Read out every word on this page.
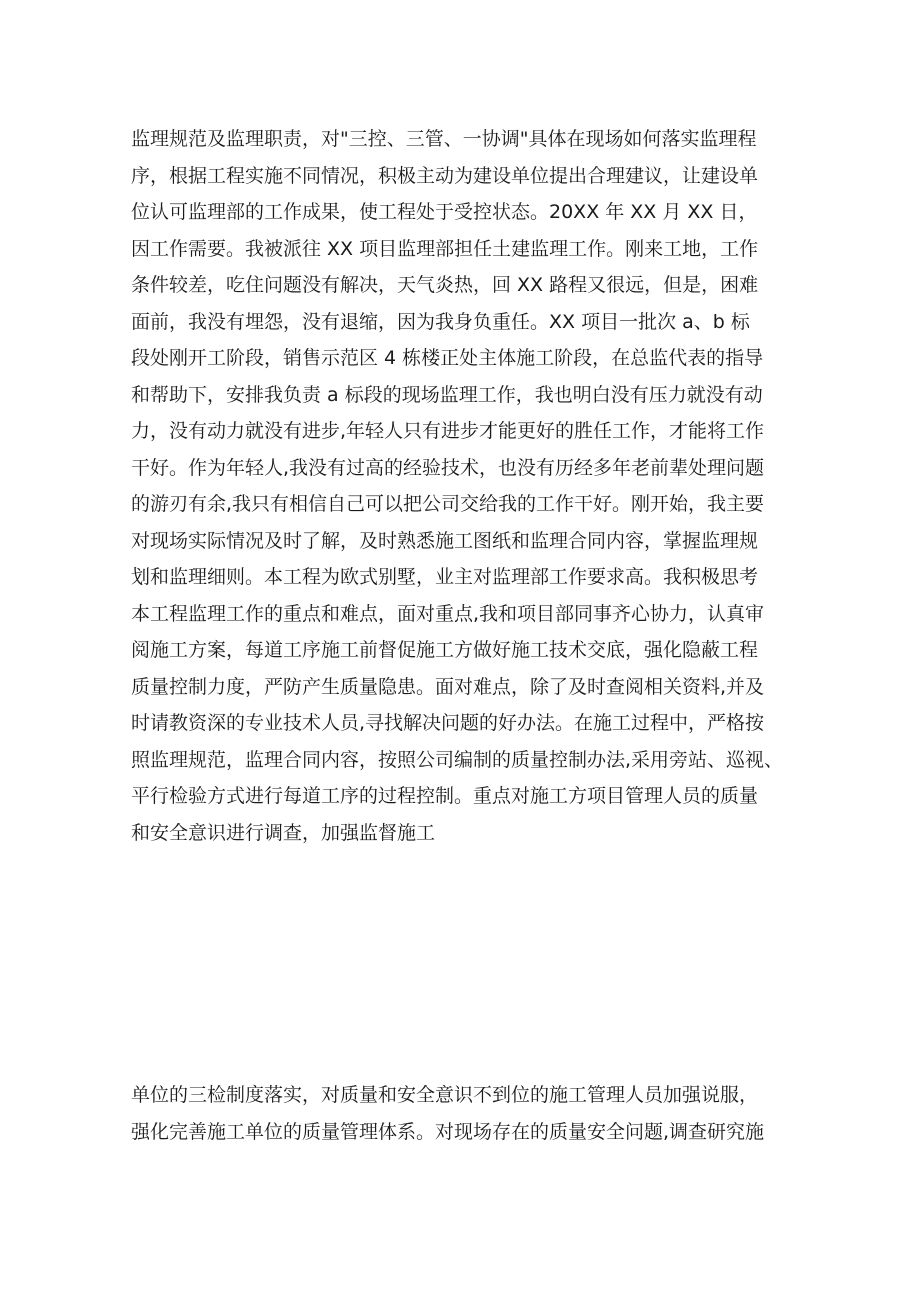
监理规范及监理职责，对"三控、三管、一协调"具体在现场如何落实监理程
序，根据工程实施不同情况，积极主动为建设单位提出合理建议，让建设单
位认可监理部的工作成果，使工程处于受控状态。20XX 年 XX 月 XX 日，
因工作需要。我被派往 XX 项目监理部担任土建监理工作。刚来工地，工作
条件较差，吃住问题没有解决，天气炎热，回 XX 路程又很远，但是，困难
面前，我没有埋怨，没有退缩，因为我身负重任。XX 项目一批次 a、b 标
段处刚开工阶段，销售示范区 4 栋楼正处主体施工阶段，在总监代表的指导
和帮助下，安排我负责 a 标段的现场监理工作，我也明白没有压力就没有动
力，没有动力就没有进步,年轻人只有进步才能更好的胜任工作，才能将工作
干好。作为年轻人,我没有过高的经验技术，也没有历经多年老前辈处理问题
的游刃有余,我只有相信自己可以把公司交给我的工作干好。刚开始，我主要
对现场实际情况及时了解，及时熟悉施工图纸和监理合同内容，掌握监理规
划和监理细则。本工程为欧式别墅，业主对监理部工作要求高。我积极思考
本工程监理工作的重点和难点，面对重点,我和项目部同事齐心协力，认真审
阅施工方案，每道工序施工前督促施工方做好施工技术交底，强化隐蔽工程
质量控制力度，严防产生质量隐患。面对难点，除了及时查阅相关资料,并及
时请教资深的专业技术人员,寻找解决问题的好办法。在施工过程中，严格按
照监理规范，监理合同内容，按照公司编制的质量控制办法,采用旁站、巡视、
平行检验方式进行每道工序的过程控制。重点对施工方项目管理人员的质量
和安全意识进行调查，加强监督施工
单位的三检制度落实，对质量和安全意识不到位的施工管理人员加强说服，
强化完善施工单位的质量管理体系。对现场存在的质量安全问题,调查研究施
